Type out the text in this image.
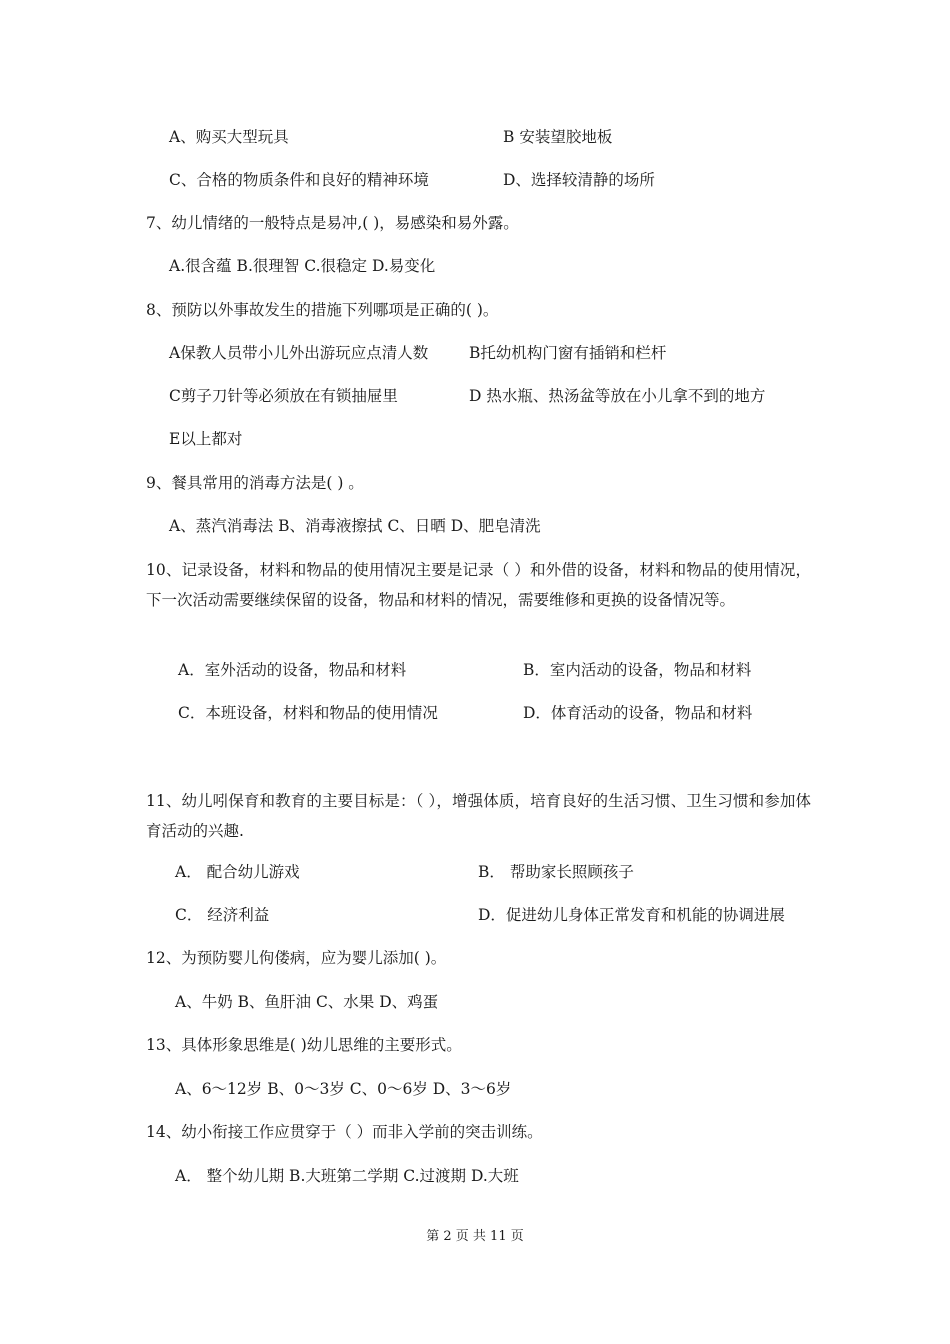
A、购买大型玩具	B 安装望胶地板
C、合格的物质条件和良好的精神环境	D、选择较清静的场所
7、幼儿情绪的一般特点是易冲,( )，易感染和易外露。
A.很含蕴 B.很理智 C.很稳定 D.易变化
8、预防以外事故发生的措施下列哪项是正确的( )。
A保教人员带小儿外出游玩应点清人数	B托幼机构门窗有插销和栏杆
C剪子刀针等必须放在有锁抽屉里	D 热水瓶、热汤盆等放在小儿拿不到的地方
E以上都对
9、餐具常用的消毒方法是( ) 。
A、蒸汽消毒法 B、消毒液擦拭 C、日晒 D、肥皂清洗
10、记录设备，材料和物品的使用情况主要是记录（ ）和外借的设备，材料和物品的使用情况，下一次活动需要继续保留的设备，物品和材料的情况，需要维修和更换的设备情况等。
A．室外活动的设备，物品和材料	B．室内活动的设备，物品和材料
C．本班设备，材料和物品的使用情况	D．体育活动的设备，物品和材料
11、幼儿吲保育和教育的主要目标是：（ ），增强体质，培育良好的生活习惯、卫生习惯和参加体育活动的兴趣.
A． 配合幼儿游戏	B． 帮助家长照顾孩子
C． 经济利益	D．促进幼儿身体正常发育和机能的协调进展
12、为预防婴儿佝偻病，应为婴儿添加( )。
A、牛奶 B、鱼肝油 C、水果 D、鸡蛋
13、具体形象思维是( )幼儿思维的主要形式。
A、6～12岁 B、0～3岁 C、0～6岁 D、3～6岁
14、幼小衔接工作应贯穿于（ ）而非入学前的突击训练。
A． 整个幼儿期 B.大班第二学期 C.过渡期 D.大班
第 2 页 共 11 页
